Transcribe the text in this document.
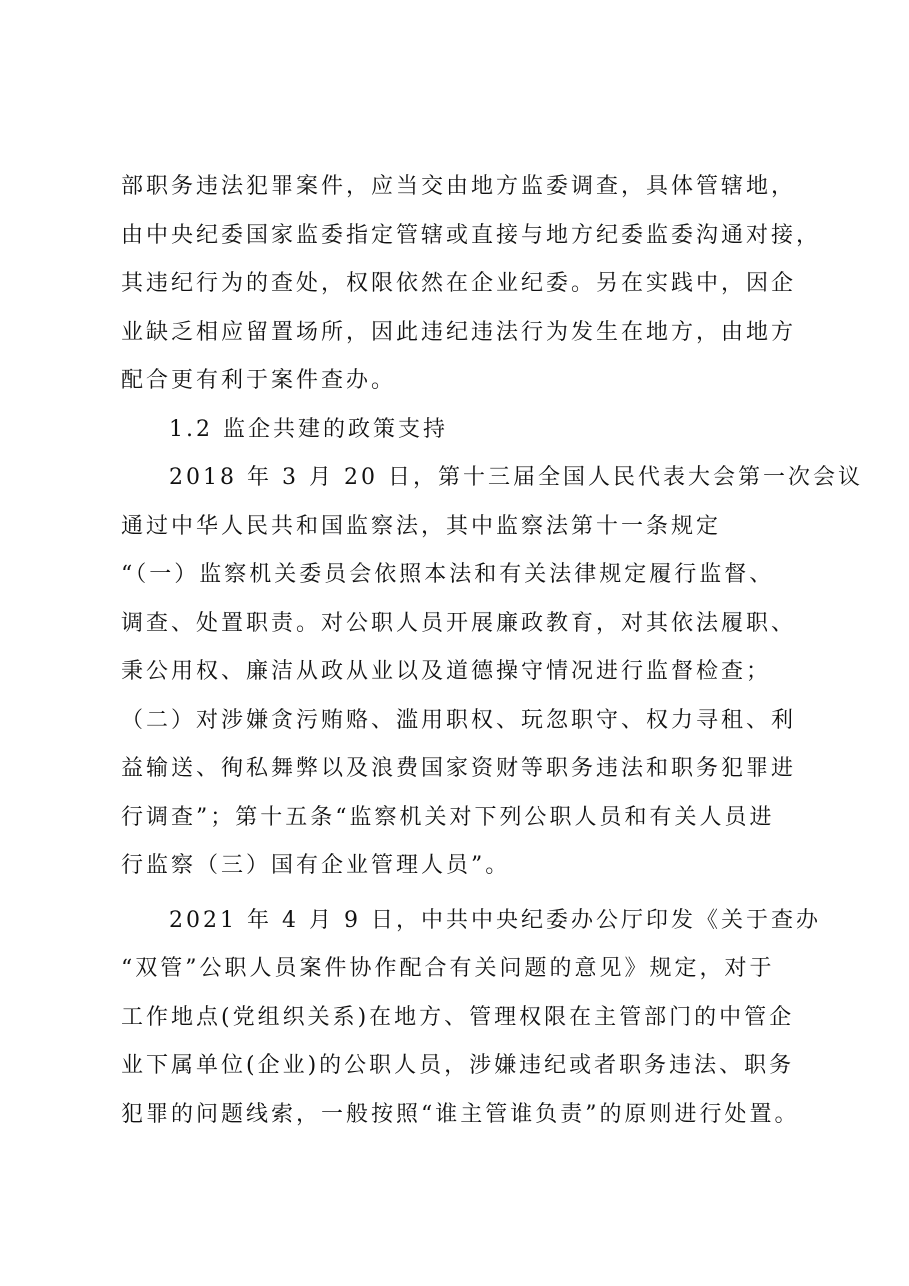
部职务违法犯罪案件，应当交由地方监委调查，具体管辖地，
由中央纪委国家监委指定管辖或直接与地方纪委监委沟通对接，
其违纪行为的查处，权限依然在企业纪委。另在实践中，因企
业缺乏相应留置场所，因此违纪违法行为发生在地方，由地方
配合更有利于案件查办。
1.2 监企共建的政策支持
2018 年 3 月 20 日，第十三届全国人民代表大会第一次会议
通过中华人民共和国监察法，其中监察法第十一条规定
“（一）监察机关委员会依照本法和有关法律规定履行监督、
调查、处置职责。对公职人员开展廉政教育，对其依法履职、
秉公用权、廉洁从政从业以及道德操守情况进行监督检查；
（二）对涉嫌贪污贿赂、滥用职权、玩忽职守、权力寻租、利
益输送、徇私舞弊以及浪费国家资财等职务违法和职务犯罪进
行调查”；第十五条“监察机关对下列公职人员和有关人员进
行监察（三）国有企业管理人员”。
2021 年 4 月 9 日，中共中央纪委办公厅印发《关于查办
“双管”公职人员案件协作配合有关问题的意见》规定，对于
工作地点(党组织关系)在地方、管理权限在主管部门的中管企
业下属单位(企业)的公职人员，涉嫌违纪或者职务违法、职务
犯罪的问题线索，一般按照“谁主管谁负责”的原则进行处置。
